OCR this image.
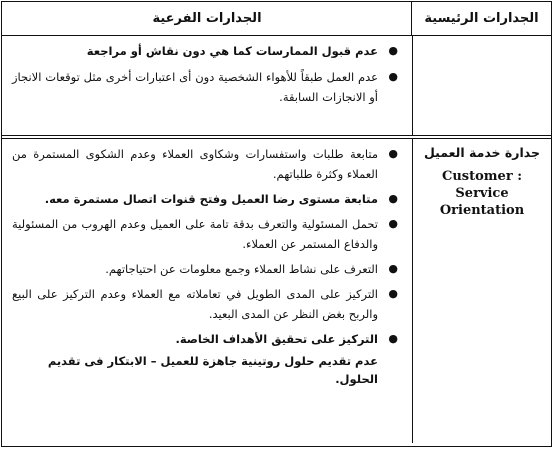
الجدارات الرئيسية
الجدارات الفرعية
●
عدم قبول الممارسات كما هي دون نقاش أو مراجعة
●
عدم العمل طبقاً للأهواء الشخصية دون أى اعتبارات أخرى مثل توقعات الانجاز أو الانجازات السابقة.
جدارة خدمة العميل
Customer :
Service
Orientation
●
متابعة طلبات واستفسارات وشكاوى العملاء وعدم الشكوى المستمرة من العملاء وكثرة طلباتهم.
●
متابعة مستوى رضا العميل وفتح قنوات اتصال مستمرة معه.
●
تحمل المسئولية والتعرف بدقة تامة على العميل وعدم الهروب من المسئولية والدفاع المستمر عن العملاء.
●
التعرف على نشاط العملاء وجمع معلومات عن احتياجاتهم.
●
التركيز على المدى الطويل في تعاملاته مع العملاء وعدم التركيز على البيع والربح بغض النظر عن المدى البعيد.
●
التركيز على تحقيق الأهداف الخاصة.
عدم تقديم حلول روتينية جاهزة للعميل – الابتكار فى تقديم الحلول.
